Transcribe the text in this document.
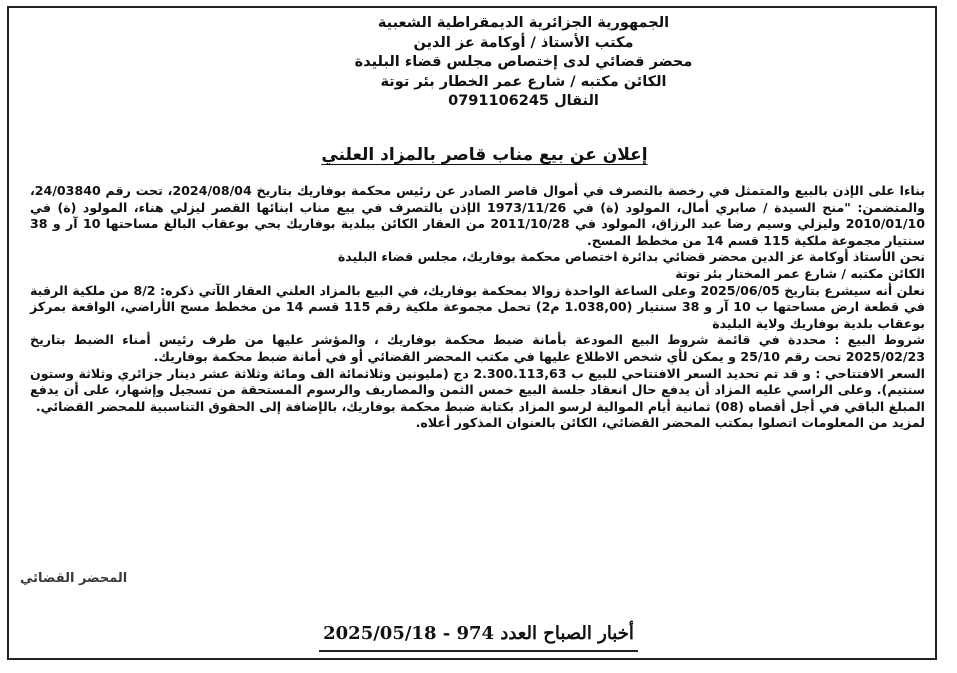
الجمهورية الجزائرية الديمقراطية الشعبية
مكتب الأستاذ / أوكامة عز الدين
محضر قضائي لدى إختصاص مجلس قضاء البليدة
الكائن مكتبه / شارع عمر الخطار بئر توتة
النقال 0791106245
إعلان عن بيع مناب قاصر بالمزاد العلني

بناءا على الإذن بالبيع والمتمثل في رخصة بالتصرف في أموال قاصر الصادر عن رئيس محكمة بوفاريك بتاريخ 2024/08/04، تحت رقم 24/03840، والمتضمن: "منح السيدة / صابري أمال، المولود (ة) في 1973/11/26 الإذن بالتصرف في بيع مناب ابنائها القصر ليزلي هناء، المولود (ة) في 2010/01/10 وليزلي وسيم رضا عبد الرزاق، المولود في 2011/10/28 من العقار الكائن ببلدية بوفاريك بحي بوعقاب البالغ مساحتها 10 آر و 38 سنتيار مجموعة ملكية 115 قسم 14 من مخطط المسح.

نحن الأستاذ أوكامة عز الدين محضر قضائي بدائرة اختصاص محكمة بوفاريك، مجلس قضاء البليدة

الكائن مكتبه / شارع عمر المختار بئر توتة

نعلن أنه سيشرع بتاريخ 2025/06/05 وعلى الساعة الواحدة زوالا بمحكمة بوفاريك، في البيع بالمزاد العلني العقار الآتي ذكره: 8/2 من ملكية الرقبة في قطعة ارض مساحتها ب 10 آر و 38 سنتيار (1.038,00 م2) تحمل مجموعة ملكية رقم 115 قسم 14 من مخطط مسح الأراضي، الواقعة بمركز بوعقاب بلدية بوفاريك ولاية البليدة

شروط البيع : محددة في قائمة شروط البيع المودعة بأمانة ضبط محكمة بوفاريك ، والمؤشر عليها من طرف رئيس أمناء الضبط بتاريخ 2025/02/23 تحت رقم 25/10 و يمكن لأي شخص الاطلاع عليها في مكتب المحضر القضائي أو في أمانة ضبط محكمة بوفاريك.

السعر الافتتاحي : و قد تم تحديد السعر الافتتاحي للبيع ب 2.300.113,63 دج (مليونين وثلاثمائة الف ومائة وثلاثة عشر دينار جزائري وثلاثة وستون سنتيم). وعلى الراسي عليه المزاد أن يدفع حال انعقاد جلسة البيع خمس الثمن والمصاريف والرسوم المستحقة من تسجيل وإشهار، على أن يدفع المبلغ الباقي في أجل أقصاه (08) ثمانية أيام الموالية لرسو المزاد بكتابة ضبط محكمة بوفاريك، بالإضافة إلى الحقوق التناسبية للمحضر القضائي.

لمزيد من المعلومات اتصلوا بمكتب المحضر القضائي، الكائن بالعنوان المذكور أعلاه.

المحضر القضائي
أخبار الصباح العدد 974 - 2025/05/18
